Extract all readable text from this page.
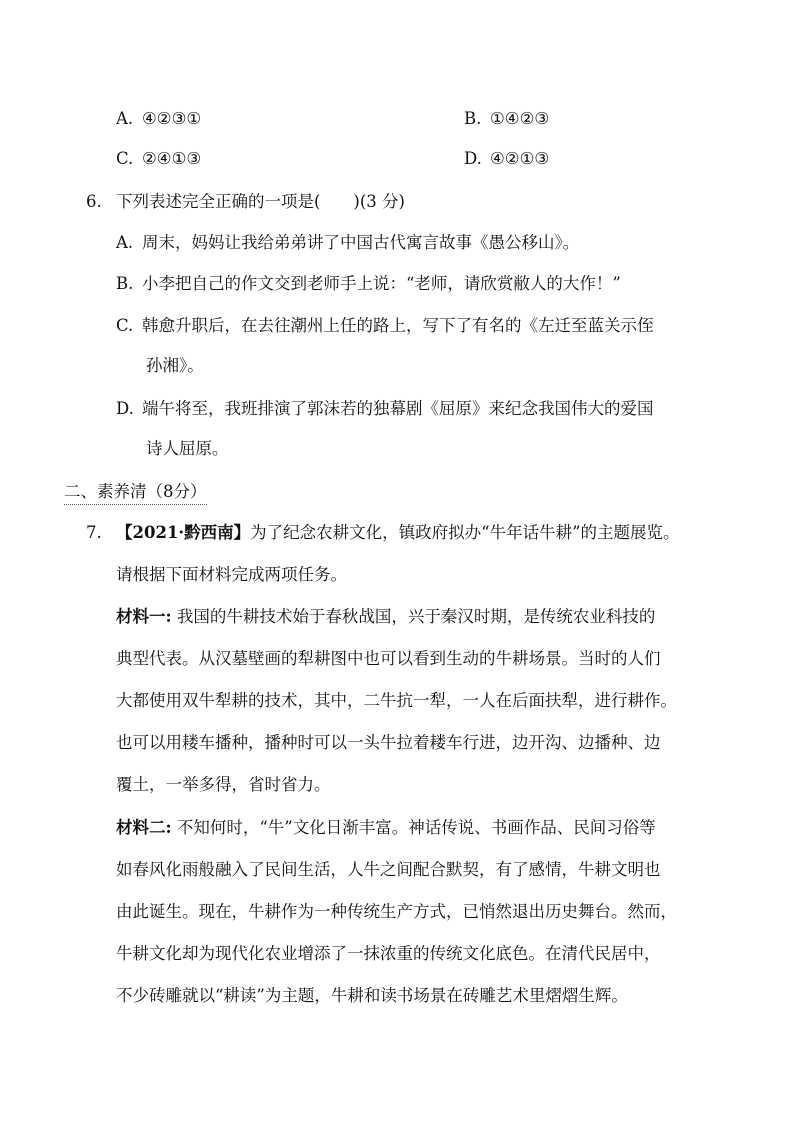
A. ④②③①	B. ①④②③
C. ②④①③	D. ④②①③
6. 下列表述完全正确的一项是(　　)(3 分)
A. 周末，妈妈让我给弟弟讲了中国古代寓言故事《愚公移山》。
B. 小李把自己的作文交到老师手上说：“老师，请欣赏敝人的大作！”
C. 韩愈升职后，在去往潮州上任的路上，写下了有名的《左迁至蓝关示侄
孙湘》。
D. 端午将至，我班排演了郭沫若的独幕剧《屈原》来纪念我国伟大的爱国
诗人屈原。
二、素养清（8分）
7. 【2021·黔西南】为了纪念农耕文化，镇政府拟办“牛年话牛耕”的主题展览。
请根据下面材料完成两项任务。
材料一: 我国的牛耕技术始于春秋战国，兴于秦汉时期，是传统农业科技的
典型代表。从汉墓壁画的犁耕图中也可以看到生动的牛耕场景。当时的人们
大都使用双牛犁耕的技术，其中，二牛抗一犁，一人在后面扶犁，进行耕作。
也可以用耧车播种，播种时可以一头牛拉着耧车行进，边开沟、边播种、边
覆土，一举多得，省时省力。
材料二: 不知何时，“牛”文化日渐丰富。神话传说、书画作品、民间习俗等
如春风化雨般融入了民间生活，人牛之间配合默契，有了感情，牛耕文明也
由此诞生。现在，牛耕作为一种传统生产方式，已悄然退出历史舞台。然而，
牛耕文化却为现代化农业增添了一抹浓重的传统文化底色。在清代民居中，
不少砖雕就以“耕读”为主题，牛耕和读书场景在砖雕艺术里熠熠生辉。
